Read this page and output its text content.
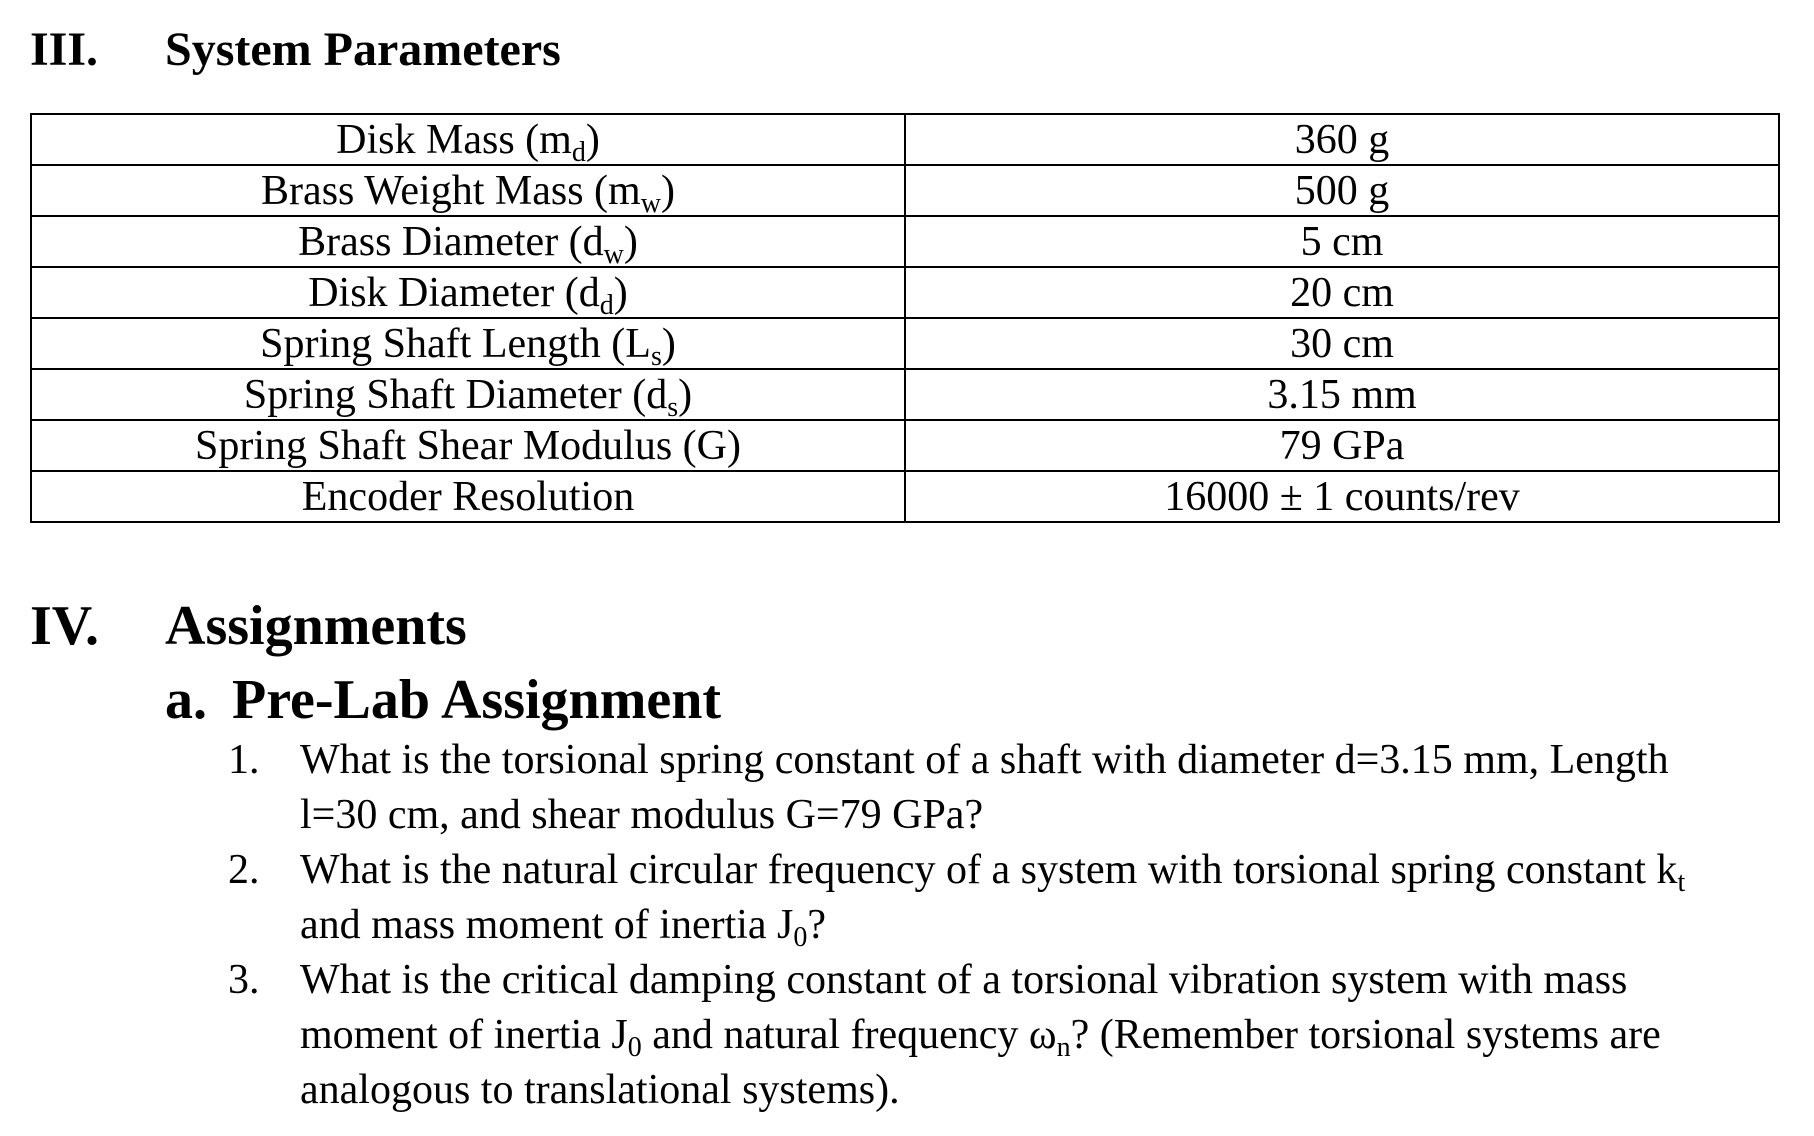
III. System Parameters
Disk Mass $(m_d)$	360 g
Brass Weight Mass $(m_w)$	500 g
Brass Diameter $(d_w)$	5 cm
Disk Diameter $(d_d)$	20 cm
Spring Shaft Length $(L_s)$	30 cm
Spring Shaft Diameter $(d_s)$	3.15 mm
Spring Shaft Shear Modulus (G)	79 GPa
Encoder Resolution	16000 ± 1 counts/rev
IV. Assignments
a. Pre-Lab Assignment
1. What is the torsional spring constant of a shaft with diameter d=3.15 mm, Length
l=30 cm, and shear modulus G=79 GPa?
2. What is the natural circular frequency of a system with torsional spring constant $k_t$
and mass moment of inertia $J_0$?
3. What is the critical damping constant of a torsional vibration system with mass
moment of inertia $J_0$ and natural frequency $\omega_n$? (Remember torsional systems are
analogous to translational systems).
